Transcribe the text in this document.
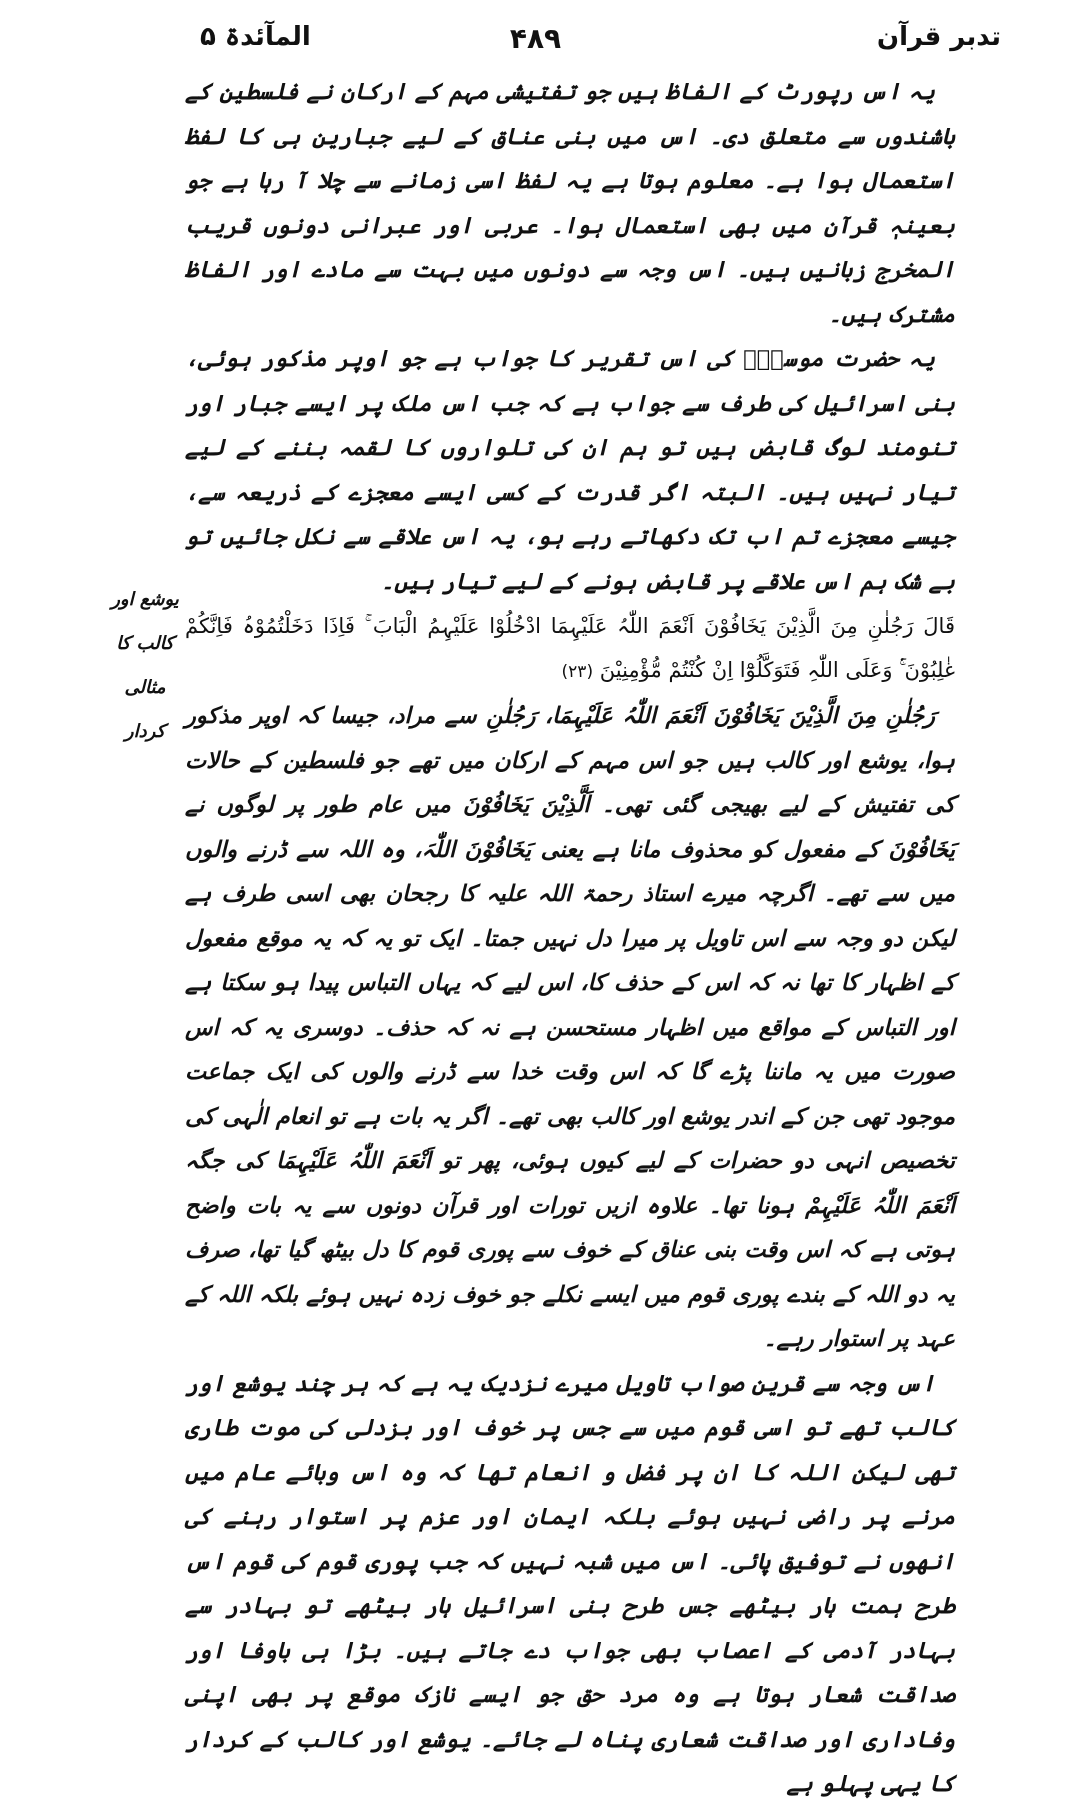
المآئدۃ ۵	۴۸۹	تدبر قرآن
یوشع اور کالب کا مثالی کردار

یہ اس رپورٹ کے الفاظ ہیں جو تفتیشی مہم کے ارکان نے فلسطین کے باشندوں سے متعلق دی۔ اس میں بنی عناق کے لیے جبارین ہی کا لفظ استعمال ہوا ہے۔ معلوم ہوتا ہے یہ لفظ اسی زمانے سے چلا آ رہا ہے جو بعینہٖ قرآن میں بھی استعمال ہوا۔ عربی اور عبرانی دونوں قریب المخرج زبانیں ہیں۔ اس وجہ سے دونوں میں بہت سے مادے اور الفاظ مشترک ہیں۔

یہ حضرت موسیٰؑ کی اس تقریر کا جواب ہے جو اوپر مذکور ہوئی، بنی اسرائیل کی طرف سے جواب ہے کہ جب اس ملک پر ایسے جبار اور تنومند لوگ قابض ہیں تو ہم ان کی تلواروں کا لقمہ بننے کے لیے تیار نہیں ہیں۔ البتہ اگر قدرت کے کسی ایسے معجزے کے ذریعہ سے، جیسے معجزے تم اب تک دکھاتے رہے ہو، یہ اس علاقے سے نکل جائیں تو بے شک ہم اس علاقے پر قابض ہونے کے لیے تیار ہیں۔

قَالَ رَجُلٰنِ مِنَ الَّذِیْنَ یَخَافُوْنَ اَنْعَمَ اللّٰہُ عَلَیْہِمَا ادْخُلُوْا عَلَیْہِمُ الْبَابَ ۚ فَاِذَا دَخَلْتُمُوْہُ فَاِنَّکُمْ غٰلِبُوْنَ ۚ۬ وَعَلَی اللّٰہِ فَتَوَکَّلُوْٓا اِنْ کُنْتُمْ مُّؤْمِنِیْنَ (۲۳)

رَجُلٰنِ مِنَ الَّذِیْنَ یَخَافُوْنَ اَنْعَمَ اللّٰہُ عَلَیْہِمَا، رَجُلٰنِ سے مراد، جیسا کہ اوپر مذکور ہوا، یوشع اور کالب ہیں جو اس مہم کے ارکان میں تھے جو فلسطین کے حالات کی تفتیش کے لیے بھیجی گئی تھی۔ اَلَّذِیْنَ یَخَافُوْنَ میں عام طور پر لوگوں نے یَخَافُوْنَ کے مفعول کو محذوف مانا ہے یعنی یَخَافُوْنَ اللّٰہَ، وہ اللہ سے ڈرنے والوں میں سے تھے۔ اگرچہ میرے استاذ رحمۃ اللہ علیہ کا رجحان بھی اسی طرف ہے لیکن دو وجہ سے اس تاویل پر میرا دل نہیں جمتا۔ ایک تو یہ کہ یہ موقع مفعول کے اظہار کا تھا نہ کہ اس کے حذف کا، اس لیے کہ یہاں التباس پیدا ہو سکتا ہے اور التباس کے مواقع میں اظہار مستحسن ہے نہ کہ حذف۔ دوسری یہ کہ اس صورت میں یہ ماننا پڑے گا کہ اس وقت خدا سے ڈرنے والوں کی ایک جماعت موجود تھی جن کے اندر یوشع اور کالب بھی تھے۔ اگر یہ بات ہے تو انعام الٰہی کی تخصیص انہی دو حضرات کے لیے کیوں ہوئی، پھر تو اَنْعَمَ اللّٰہُ عَلَیْہِمَا کی جگہ اَنْعَمَ اللّٰہُ عَلَیْہِمْ ہونا تھا۔ علاوہ ازیں تورات اور قرآن دونوں سے یہ بات واضح ہوتی ہے کہ اس وقت بنی عناق کے خوف سے پوری قوم کا دل بیٹھ گیا تھا، صرف یہ دو اللہ کے بندے پوری قوم میں ایسے نکلے جو خوف زدہ نہیں ہوئے بلکہ اللہ کے عہد پر استوار رہے۔

اس وجہ سے قرین صواب تاویل میرے نزدیک یہ ہے کہ ہر چند یوشع اور کالب تھے تو اسی قوم میں سے جس پر خوف اور بزدلی کی موت طاری تھی لیکن اللہ کا ان پر فضل و انعام تھا کہ وہ اس وبائے عام میں مرنے پر راضی نہیں ہوئے بلکہ ایمان اور عزم پر استوار رہنے کی انھوں نے توفیق پائی۔ اس میں شبہ نہیں کہ جب پوری قوم کی قوم اس طرح ہمت ہار بیٹھے جس طرح بنی اسرائیل ہار بیٹھے تو بہادر سے بہادر آدمی کے اعصاب بھی جواب دے جاتے ہیں۔ بڑا ہی باوفا اور صداقت شعار ہوتا ہے وہ مرد حق جو ایسے نازک موقع پر بھی اپنی وفاداری اور صداقت شعاری پناہ لے جائے۔ یوشع اور کالب کے کردار کا یہی پہلو ہے
